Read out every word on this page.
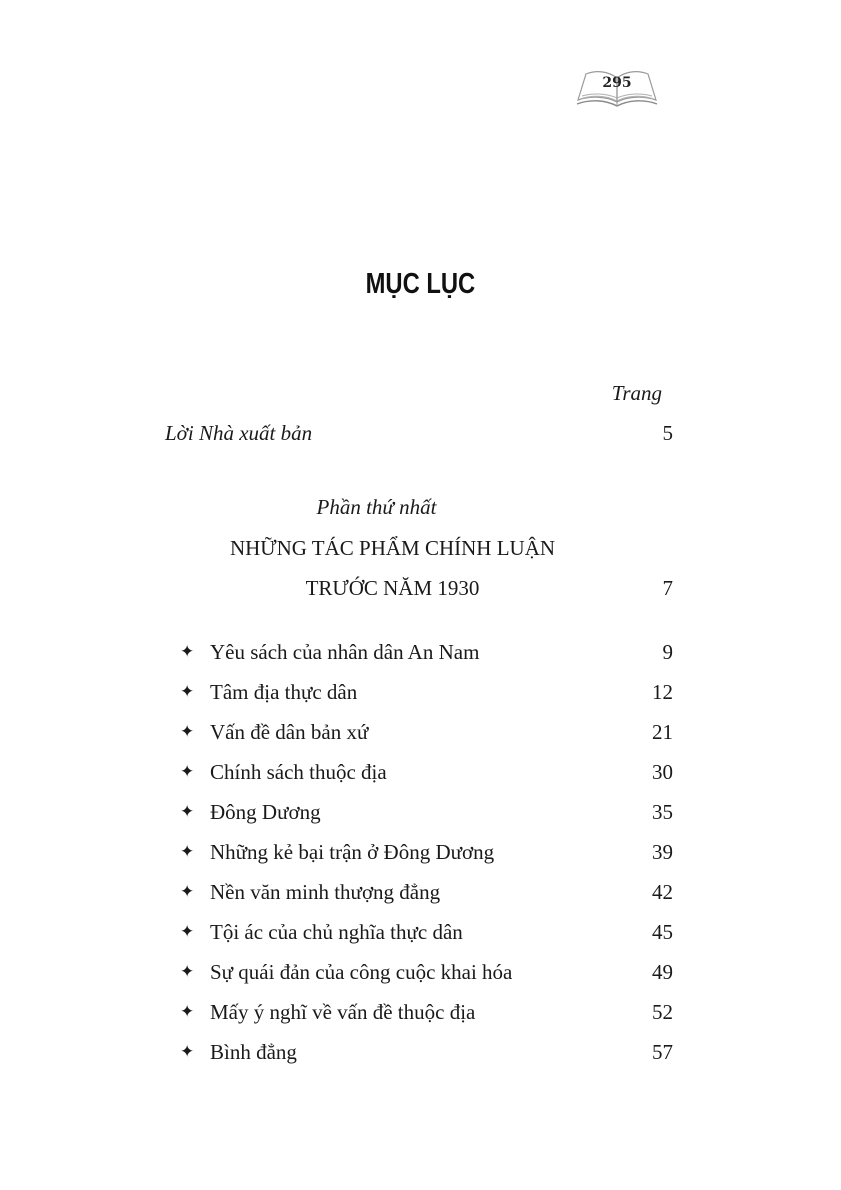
295
MỤC LỤC
Trang
Lời Nhà xuất bản	5
Phần thứ nhất
NHỮNG TÁC PHẨM CHÍNH LUẬN
TRƯỚC NĂM 1930	7
✦ Yêu sách của nhân dân An Nam	9
✦ Tâm địa thực dân	12
✦ Vấn đề dân bản xứ	21
✦ Chính sách thuộc địa	30
✦ Đông Dương	35
✦ Những kẻ bại trận ở Đông Dương	39
✦ Nền văn minh thượng đẳng	42
✦ Tội ác của chủ nghĩa thực dân	45
✦ Sự quái đản của công cuộc khai hóa	49
✦ Mấy ý nghĩ về vấn đề thuộc địa	52
✦ Bình đẳng	57
